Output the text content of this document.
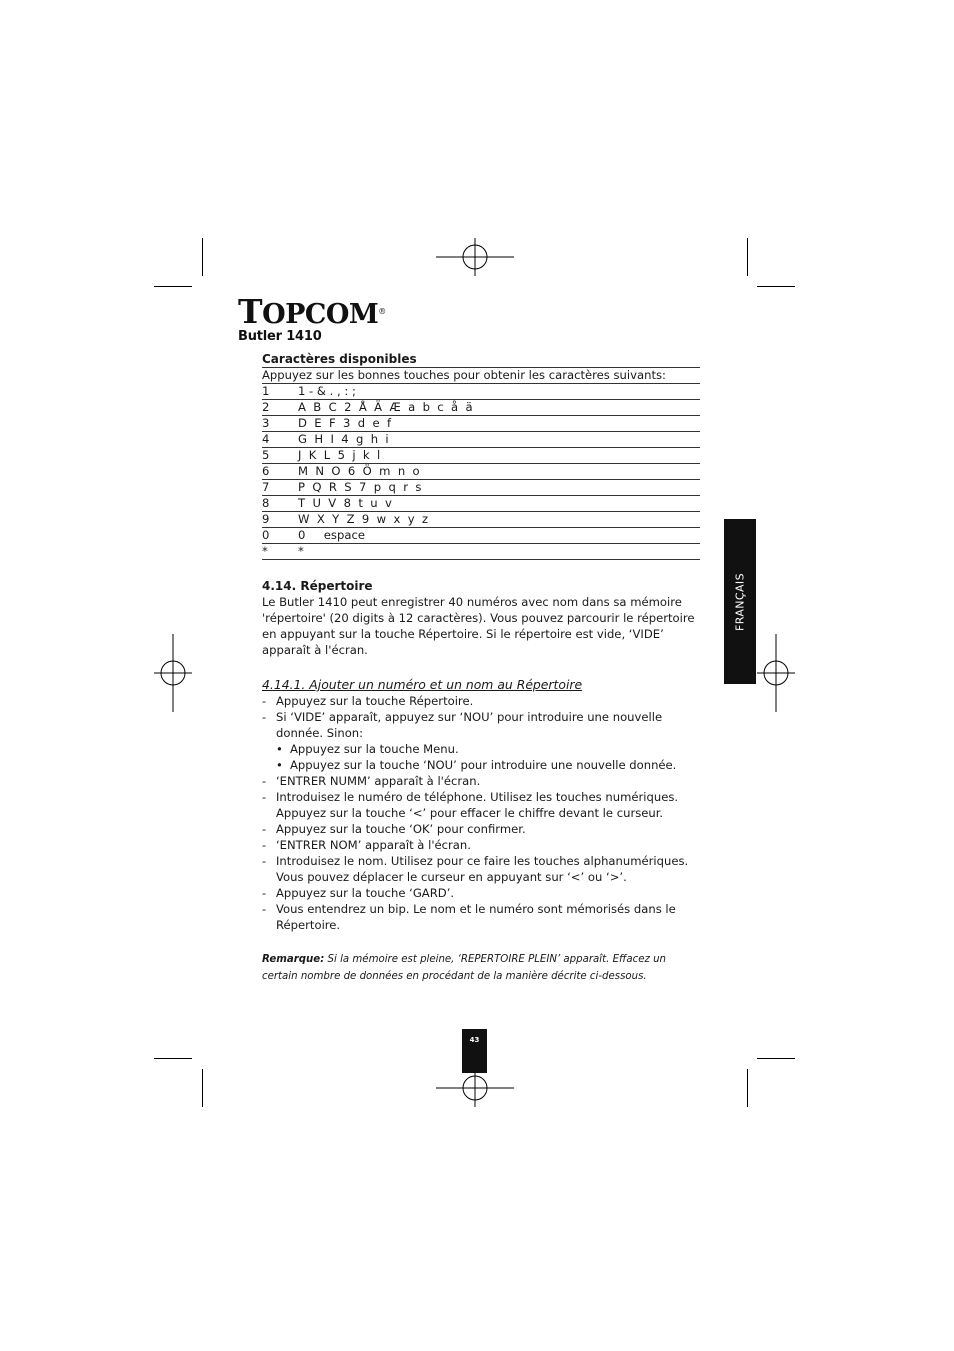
TOPCOM®
Butler 1410
Caractères disponibles
Appuyez sur les bonnes touches pour obtenir les caractères suivants:	
1	1 - & . , : ;
2	A  B  C  2  Å  Ä  Æ  a  b  c  å  ä
3	D  E  F  3  d  e  f
4	G  H  I  4  g  h  i
5	J  K  L  5  j  k  l
6	M  N  O  6  Ö  m  n  o
7	P  Q  R  S  7  p  q  r  s
8	T  U  V  8  t  u  v
9	W  X  Y  Z  9  w  x  y  z
0	0     espace
*	*
4.14. Répertoire

Le Butler 1410 peut enregistrer 40 numéros avec nom dans sa mémoire 'répertoire' (20 digits à 12 caractères). Vous pouvez parcourir le répertoire en appuyant sur la touche Répertoire. Si le répertoire est vide, ‘VIDE’ apparaît à l'écran.

4.14.1. Ajouter un numéro et un nom au Répertoire
- Appuyez sur la touche Répertoire.
- Si ‘VIDE’ apparaît, appuyez sur ‘NOU’ pour introduire une nouvelle donnée. Sinon:
• Appuyez sur la touche Menu.
• Appuyez sur la touche ‘NOU’ pour introduire une nouvelle donnée.
- ‘ENTRER NUMM’ apparaît à l'écran.
- Introduisez le numéro de téléphone. Utilisez les touches numériques. Appuyez sur la touche ‘<’ pour effacer le chiffre devant le curseur.
- Appuyez sur la touche ‘OK’ pour confirmer.
- ‘ENTRER NOM’ apparaît à l'écran.
- Introduisez le nom. Utilisez pour ce faire les touches alphanumériques. Vous pouvez déplacer le curseur en appuyant sur ‘<’ ou ‘>’.
- Appuyez sur la touche ‘GARD’.
- Vous entendrez un bip. Le nom et le numéro sont mémorisés dans le Répertoire.
Remarque: Si la mémoire est pleine, ‘REPERTOIRE PLEIN’ apparaît. Effacez un certain nombre de données en procédant de la manière décrite ci-dessous.
FRANÇAIS
43
